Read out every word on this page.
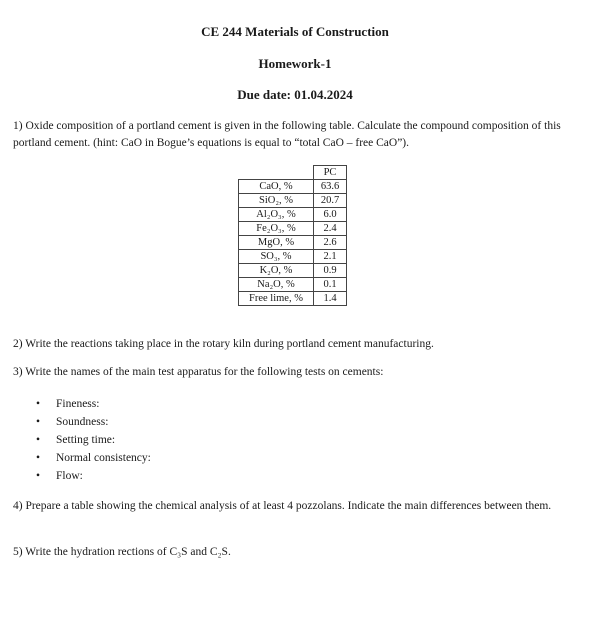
CE 244 Materials of Construction
Homework-1
Due date: 01.04.2024
1) Oxide composition of a portland cement is given in the following table. Calculate the compound composition of this portland cement. (hint: CaO in Bogue’s equations is equal to “total CaO – free CaO”).
	PC
CaO, %	63.6
SiO₂, %	20.7
Al₂O₃, %	6.0
Fe₂O₃, %	2.4
MgO, %	2.6
SO₃, %	2.1
K₂O, %	0.9
Na₂O, %	0.1
Free lime, %	1.4
2) Write the reactions taking place in the rotary kiln during portland cement manufacturing.
3) Write the names of the main test apparatus for the following tests on cements:
• Fineness:
• Soundness:
• Setting time:
• Normal consistency:
• Flow:
4) Prepare a table showing the chemical analysis of at least 4 pozzolans. Indicate the main differences between them.
5) Write the hydration rections of C₃S and C₂S.
